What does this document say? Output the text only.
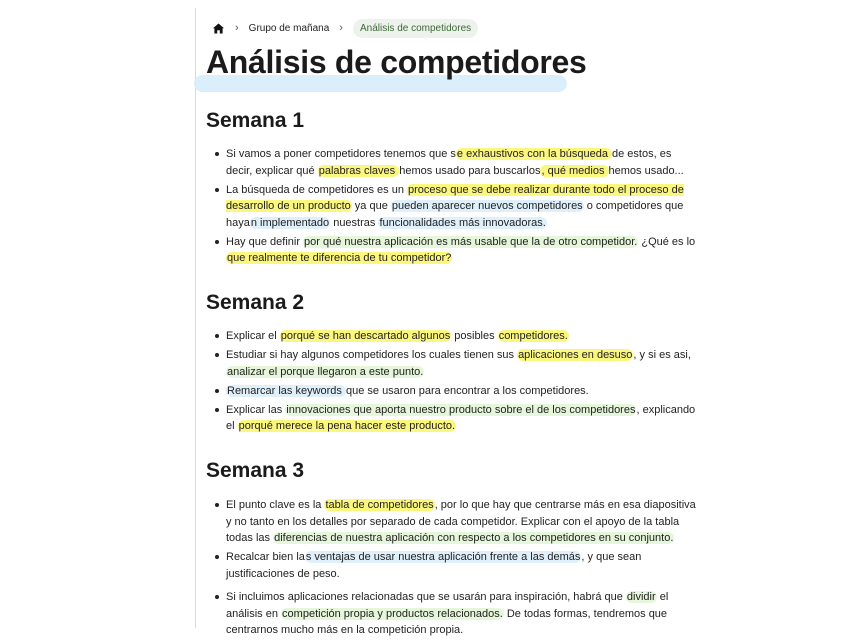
› Grupo de mañana ›	Análisis de competidores
Análisis de competidores
Semana 1
Si vamos a poner competidores tenemos que se exhaustivos con la búsqueda de estos, es decir, explicar qué palabras claves hemos usado para buscarlos, qué medios hemos usado...
La búsqueda de competidores es un proceso que se debe realizar durante todo el proceso de desarrollo de un producto ya que pueden aparecer nuevos competidores o competidores que hayan implementado nuestras funcionalidades más innovadoras.
Hay que definir por qué nuestra aplicación es más usable que la de otro competidor. ¿Qué es lo que realmente te diferencia de tu competidor?
Semana 2
Explicar el porqué se han descartado algunos posibles competidores.
Estudiar si hay algunos competidores los cuales tienen sus aplicaciones en desuso, y si es asi, analizar el porque llegaron a este punto.
Remarcar las keywords que se usaron para encontrar a los competidores.
Explicar las innovaciones que aporta nuestro producto sobre el de los competidores, explicando el porqué merece la pena hacer este producto.
Semana 3
El punto clave es la tabla de competidores, por lo que hay que centrarse más en esa diapositiva y no tanto en los detalles por separado de cada competidor. Explicar con el apoyo de la tabla todas las diferencias de nuestra aplicación con respecto a los competidores en su conjunto.
Recalcar bien las ventajas de usar nuestra aplicación frente a las demás, y que sean justificaciones de peso.
Si incluimos aplicaciones relacionadas que se usarán para inspiración, habrá que dividir el análisis en competición propia y productos relacionados. De todas formas, tendremos que centrarnos mucho más en la competición propia.
